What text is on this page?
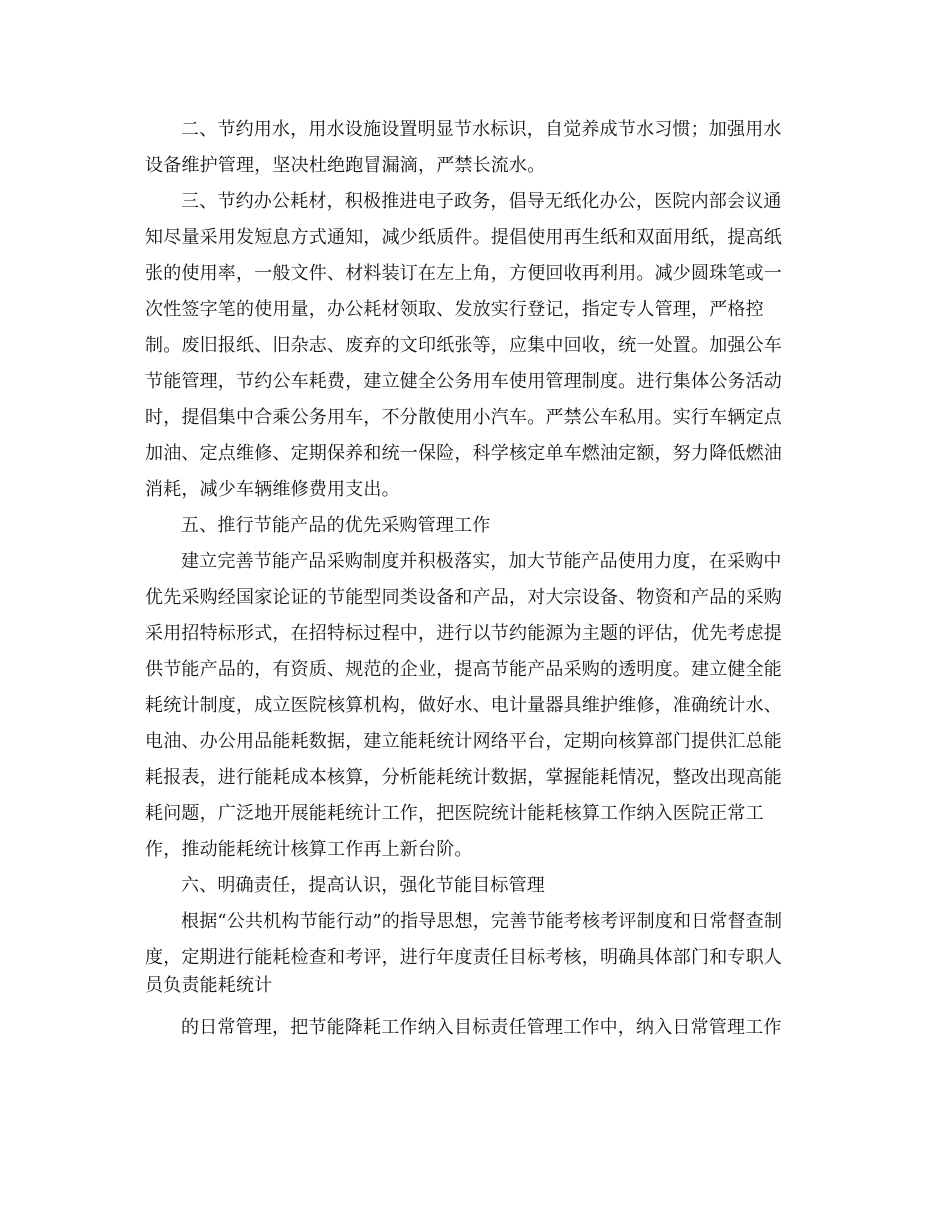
二、节约用水，用水设施设置明显节水标识，自觉养成节水习惯；加强用水
设备维护管理，坚决杜绝跑冒漏滴，严禁长流水。
三、节约办公耗材，积极推进电子政务，倡导无纸化办公，医院内部会议通
知尽量采用发短息方式通知，减少纸质件。提倡使用再生纸和双面用纸，提高纸
张的使用率，一般文件、材料装订在左上角，方便回收再利用。减少圆珠笔或一
次性签字笔的使用量，办公耗材领取、发放实行登记，指定专人管理，严格控
制。废旧报纸、旧杂志、废弃的文印纸张等，应集中回收，统一处置。加强公车
节能管理，节约公车耗费，建立健全公务用车使用管理制度。进行集体公务活动
时，提倡集中合乘公务用车，不分散使用小汽车。严禁公车私用。实行车辆定点
加油、定点维修、定期保养和统一保险，科学核定单车燃油定额，努力降低燃油
消耗，减少车辆维修费用支出。
五、推行节能产品的优先采购管理工作
建立完善节能产品采购制度并积极落实，加大节能产品使用力度，在采购中
优先采购经国家论证的节能型同类设备和产品，对大宗设备、物资和产品的采购
采用招特标形式，在招特标过程中，进行以节约能源为主题的评估，优先考虑提
供节能产品的，有资质、规范的企业，提高节能产品采购的透明度。建立健全能
耗统计制度，成立医院核算机构，做好水、电计量器具维护维修，准确统计水、
电油、办公用品能耗数据，建立能耗统计网络平台，定期向核算部门提供汇总能
耗报表，进行能耗成本核算，分析能耗统计数据，掌握能耗情况，整改出现高能
耗问题，广泛地开展能耗统计工作，把医院统计能耗核算工作纳入医院正常工
作，推动能耗统计核算工作再上新台阶。
六、明确责任，提高认识，强化节能目标管理
根据“公共机构节能行动”的指导思想，完善节能考核考评制度和日常督查制
度，定期进行能耗检查和考评，进行年度责任目标考核，明确具体部门和专职人
员负责能耗统计
的日常管理，把节能降耗工作纳入目标责任管理工作中，纳入日常管理工作
